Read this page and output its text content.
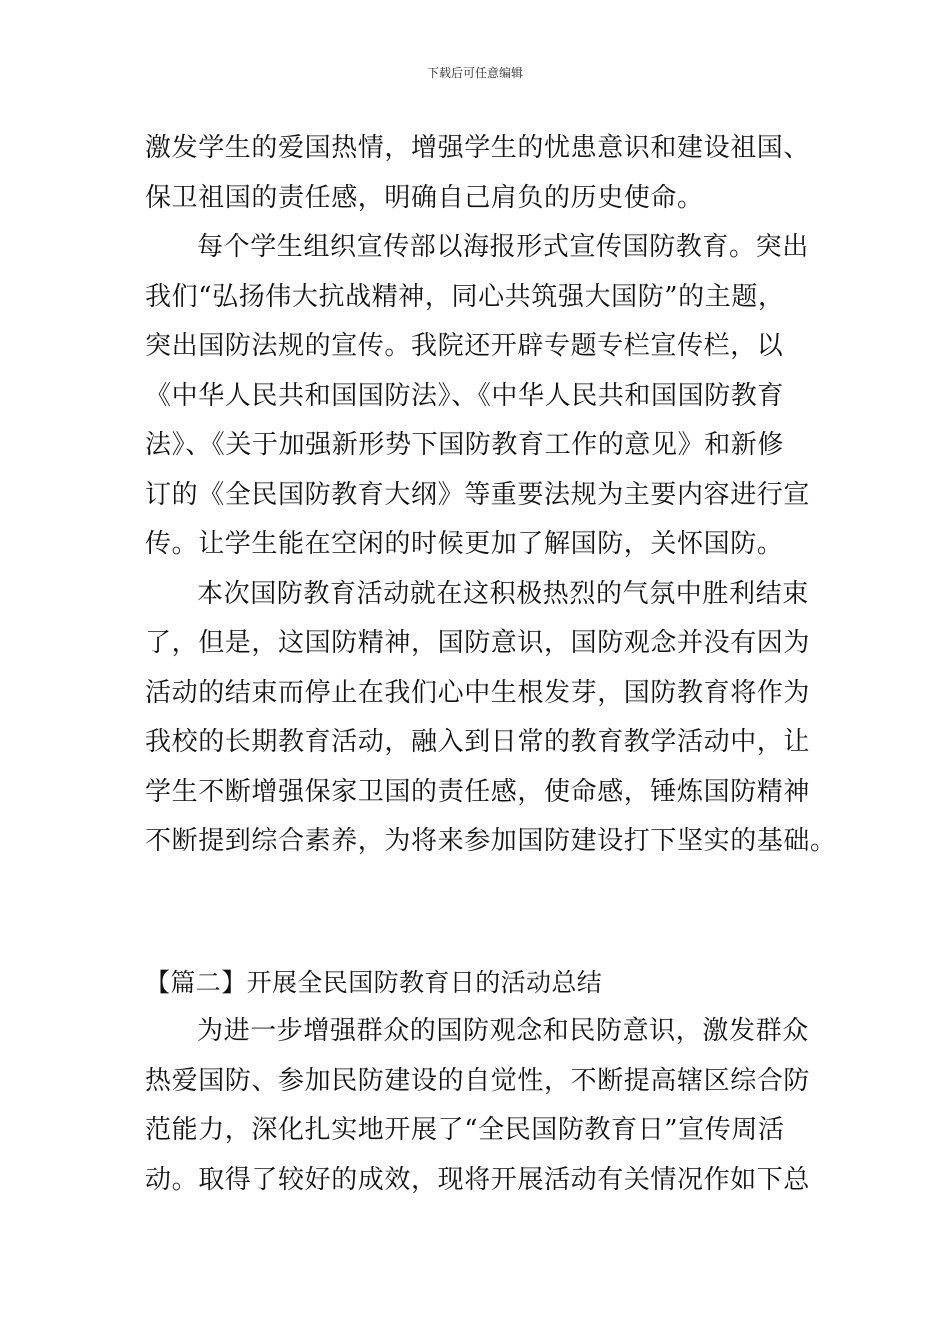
下载后可任意编辑
激发学生的爱国热情，增强学生的忧患意识和建设祖国、
保卫祖国的责任感，明确自己肩负的历史使命。
每个学生组织宣传部以海报形式宣传国防教育。突出
我们“弘扬伟大抗战精神，同心共筑强大国防”的主题，
突出国防法规的宣传。我院还开辟专题专栏宣传栏，以
《中华人民共和国国防法》、《中华人民共和国国防教育
法》、《关于加强新形势下国防教育工作的意见》和新修
订的《全民国防教育大纲》等重要法规为主要内容进行宣
传。让学生能在空闲的时候更加了解国防，关怀国防。
本次国防教育活动就在这积极热烈的气氛中胜利结束
了，但是，这国防精神，国防意识，国防观念并没有因为
活动的结束而停止在我们心中生根发芽，国防教育将作为
我校的长期教育活动，融入到日常的教育教学活动中，让
学生不断增强保家卫国的责任感，使命感，锤炼国防精神
不断提到综合素养，为将来参加国防建设打下坚实的基础。
【篇二】开展全民国防教育日的活动总结
为进一步增强群众的国防观念和民防意识，激发群众
热爱国防、参加民防建设的自觉性，不断提高辖区综合防
范能力，深化扎实地开展了“全民国防教育日”宣传周活
动。取得了较好的成效，现将开展活动有关情况作如下总
